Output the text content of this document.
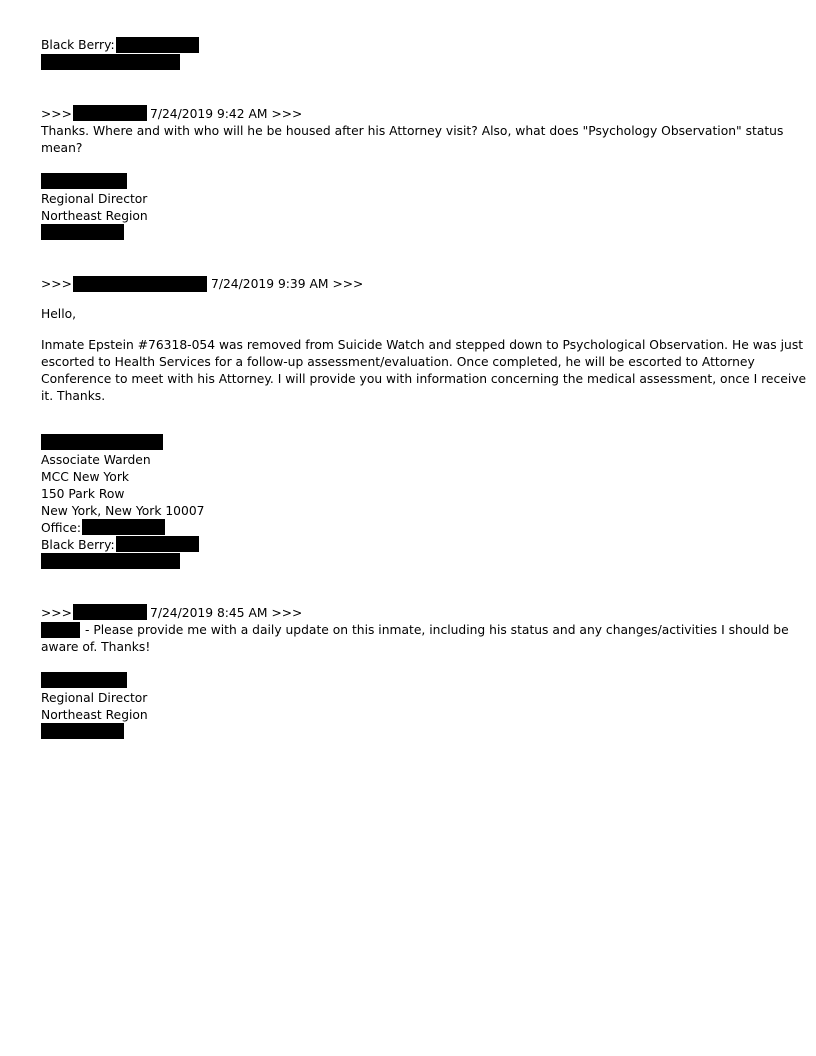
Black Berry:
>>>	7/24/2019 9:42 AM >>>
Thanks. Where and with who will he be housed after his Attorney visit? Also, what does "Psychology Observation" status
mean?
Regional Director
Northeast Region
>>>	7/24/2019 9:39 AM >>>
Hello,
Inmate Epstein #76318-054 was removed from Suicide Watch and stepped down to Psychological Observation. He was just
escorted to Health Services for a follow-up assessment/evaluation. Once completed, he will be escorted to Attorney
Conference to meet with his Attorney. I will provide you with information concerning the medical assessment, once I receive
it. Thanks.
Associate Warden
MCC New York
150 Park Row
New York, New York 10007
Office:
Black Berry:
>>>	7/24/2019 8:45 AM >>>
- Please provide me with a daily update on this inmate, including his status and any changes/activities I should be
aware of. Thanks!
Regional Director
Northeast Region
